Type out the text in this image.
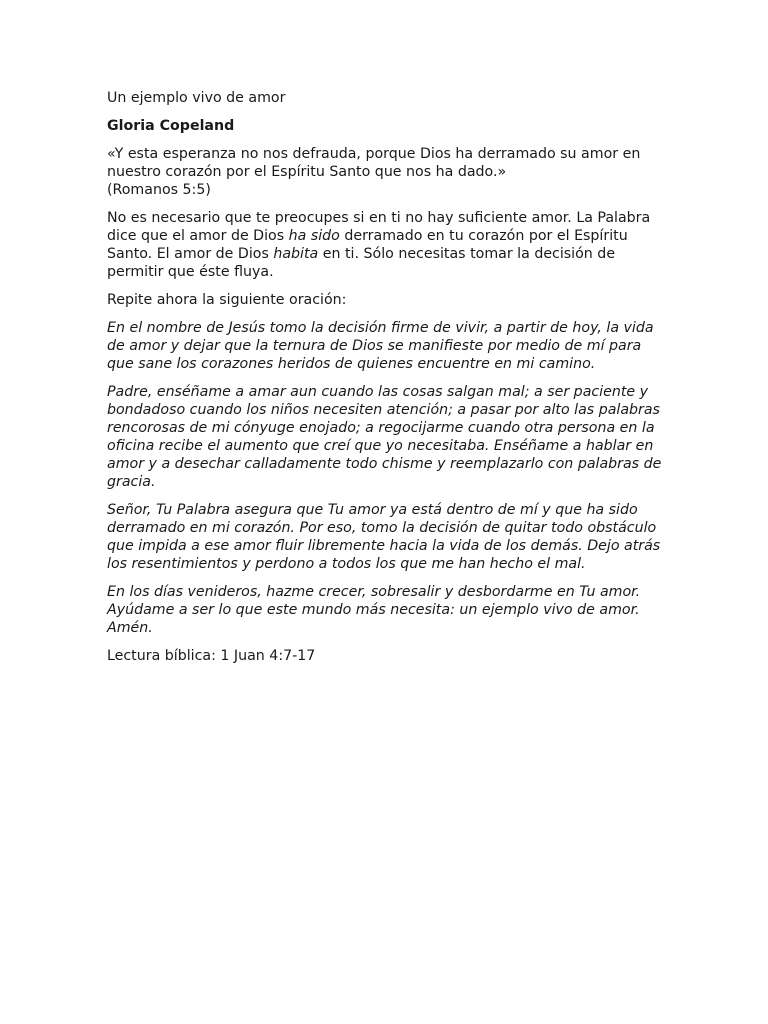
Un ejemplo vivo de amor

Gloria Copeland

«Y esta esperanza no nos defrauda, porque Dios ha derramado su amor en nuestro corazón por el Espíritu Santo que nos ha dado.»
(Romanos 5:5)

No es necesario que te preocupes si en ti no hay suficiente amor. La Palabra dice que el amor de Dios ha sido derramado en tu corazón por el Espíritu Santo. El amor de Dios habita en ti. Sólo necesitas tomar la decisión de permitir que éste fluya.

Repite ahora la siguiente oración:

En el nombre de Jesús tomo la decisión firme de vivir, a partir de hoy, la vida de amor y dejar que la ternura de Dios se manifieste por medio de mí para que sane los corazones heridos de quienes encuentre en mi camino.

Padre, enséñame a amar aun cuando las cosas salgan mal; a ser paciente y bondadoso cuando los niños necesiten atención; a pasar por alto las palabras rencorosas de mi cónyuge enojado; a regocijarme cuando otra persona en la oficina recibe el aumento que creí que yo necesitaba. Enséñame a hablar en amor y a desechar calladamente todo chisme y reemplazarlo con palabras de gracia.

Señor, Tu Palabra asegura que Tu amor ya está dentro de mí y que ha sido derramado en mi corazón. Por eso, tomo la decisión de quitar todo obstáculo que impida a ese amor fluir libremente hacia la vida de los demás. Dejo atrás los resentimientos y perdono a todos los que me han hecho el mal.

En los días venideros, hazme crecer, sobresalir y desbordarme en Tu amor. Ayúdame a ser lo que este mundo más necesita: un ejemplo vivo de amor. Amén.

Lectura bíblica: 1 Juan 4:7-17
